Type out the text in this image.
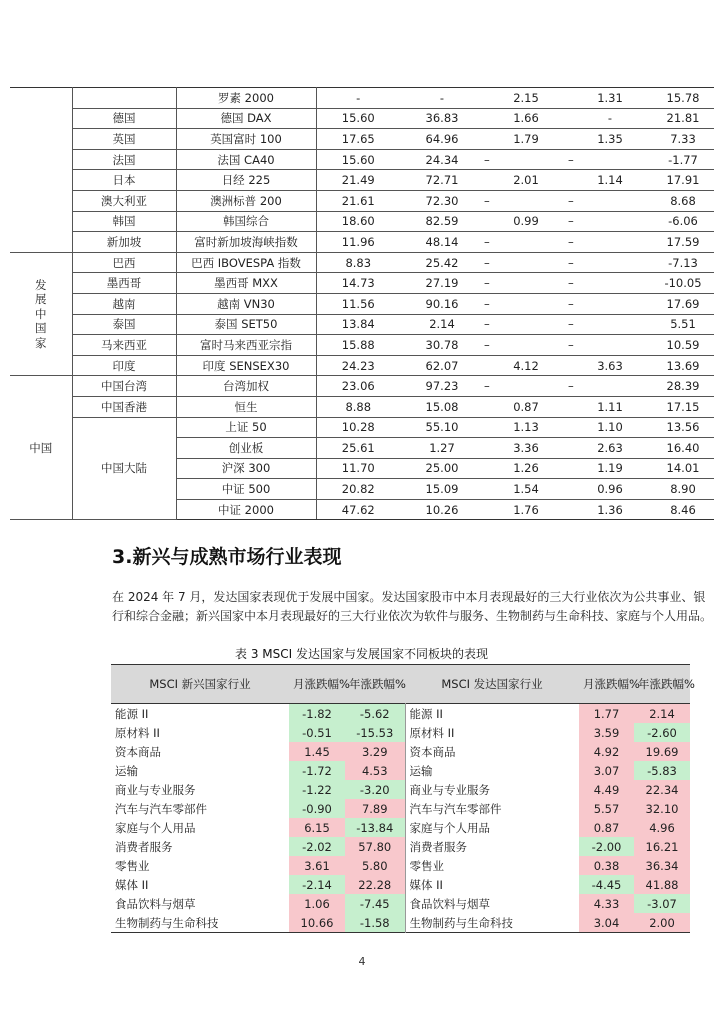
		罗素 2000	-	-	2.15	1.31	15.78
	德国	德国 DAX	15.60	36.83	1.66	-	21.81
	英国	英国富时 100	17.65	64.96	1.79	1.35	7.33
	法国	法国 CA40	15.60	24.34	–	–	-1.77
	日本	日经 225	21.49	72.71	2.01	1.14	17.91
	澳大利亚	澳洲标普 200	21.61	72.30	–	–	8.68
	韩国	韩国综合	18.60	82.59	0.99	–	-6.06
	新加坡	富时新加坡海峡指数	11.96	48.14	–	–	17.59
发展中国家	巴西	巴西 IBOVESPA 指数	8.83	25.42	–	–	-7.13
	墨西哥	墨西哥 MXX	14.73	27.19	–	–	-10.05
	越南	越南 VN30	11.56	90.16	–	–	17.69
	泰国	泰国 SET50	13.84	2.14	–	–	5.51
	马来西亚	富时马来西亚宗指	15.88	30.78	–	–	10.59
	印度	印度 SENSEX30	24.23	62.07	4.12	3.63	13.69
中国	中国台湾	台湾加权	23.06	97.23	–	–	28.39
	中国香港	恒生	8.88	15.08	0.87	1.11	17.15
	中国大陆	上证 50	10.28	55.10	1.13	1.10	13.56
		创业板	25.61	1.27	3.36	2.63	16.40
		沪深 300	11.70	25.00	1.26	1.19	14.01
		中证 500	20.82	15.09	1.54	0.96	8.90
		中证 2000	47.62	10.26	1.76	1.36	8.46
3.新兴与成熟市场行业表现
在 2024 年 7 月，发达国家表现优于发展中国家。发达国家股市中本月表现最好的三大行业依次为公共事业、银行和综合金融；新兴国家中本月表现最好的三大行业依次为软件与服务、生物制药与生命科技、家庭与个人用品。
表 3 MSCI 发达国家与发展国家不同板块的表现
MSCI 新兴国家行业	月涨跌幅%	年涨跌幅%	MSCI 发达国家行业	月涨跌幅%	年涨跌幅%
能源 II	-1.82	-5.62	能源 II	1.77	2.14
原材料 II	-0.51	-15.53	原材料 II	3.59	-2.60
资本商品	1.45	3.29	资本商品	4.92	19.69
运输	-1.72	4.53	运输	3.07	-5.83
商业与专业服务	-1.22	-3.20	商业与专业服务	4.49	22.34
汽车与汽车零部件	-0.90	7.89	汽车与汽车零部件	5.57	32.10
家庭与个人用品	6.15	-13.84	家庭与个人用品	0.87	4.96
消费者服务	-2.02	57.80	消费者服务	-2.00	16.21
零售业	3.61	5.80	零售业	0.38	36.34
媒体 II	-2.14	22.28	媒体 II	-4.45	41.88
食品饮料与烟草	1.06	-7.45	食品饮料与烟草	4.33	-3.07
生物制药与生命科技	10.66	-1.58	生物制药与生命科技	3.04	2.00
4
